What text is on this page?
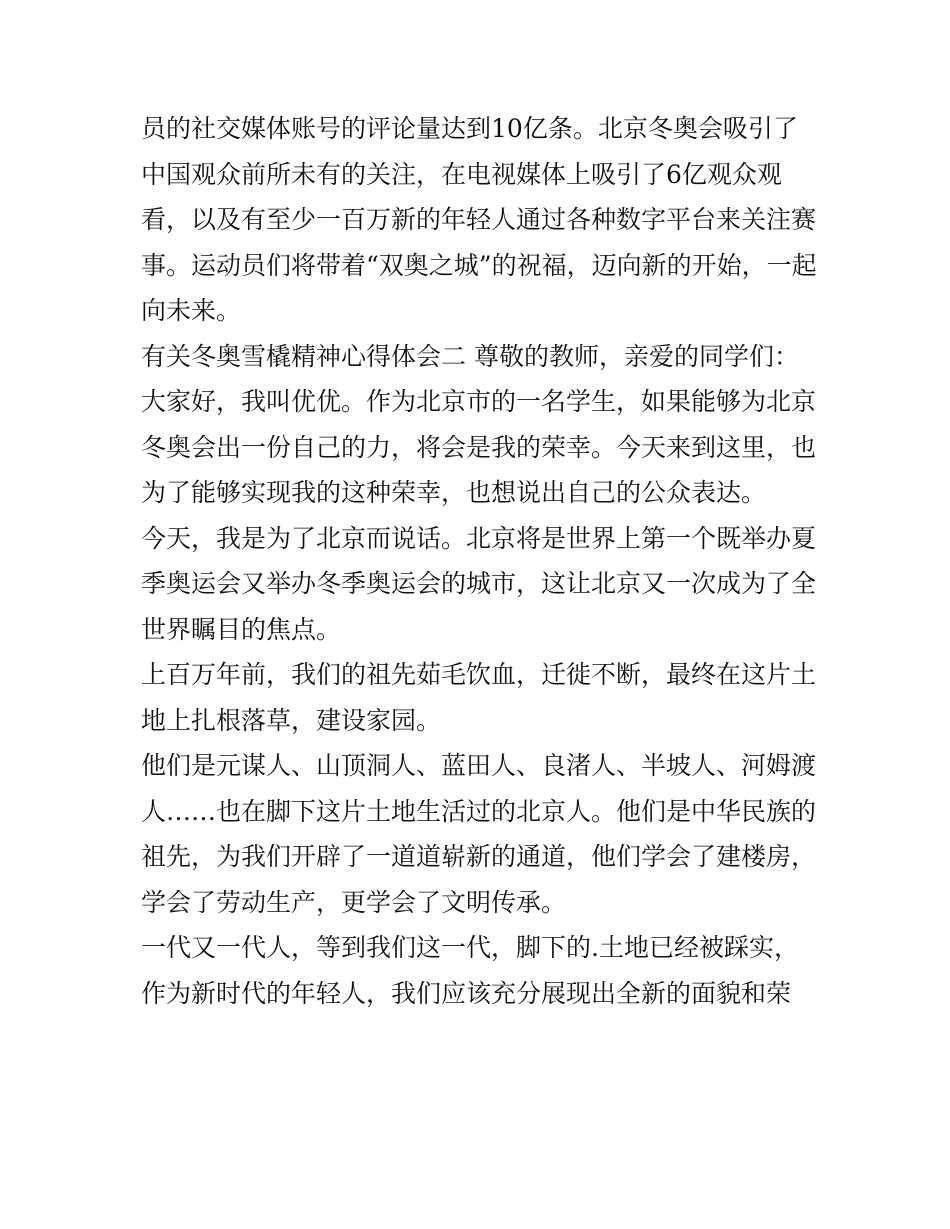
员的社交媒体账号的评论量达到10亿条。北京冬奥会吸引了
中国观众前所未有的关注，在电视媒体上吸引了6亿观众观
看，以及有至少一百万新的年轻人通过各种数字平台来关注赛
事。运动员们将带着“双奥之城”的祝福，迈向新的开始，一起
向未来。
有关冬奥雪橇精神心得体会二 尊敬的教师，亲爱的同学们：
大家好，我叫优优。作为北京市的一名学生，如果能够为北京
冬奥会出一份自己的力，将会是我的荣幸。今天来到这里，也
为了能够实现我的这种荣幸，也想说出自己的公众表达。
今天，我是为了北京而说话。北京将是世界上第一个既举办夏
季奥运会又举办冬季奥运会的城市，这让北京又一次成为了全
世界瞩目的焦点。
上百万年前，我们的祖先茹毛饮血，迁徙不断，最终在这片土
地上扎根落草，建设家园。
他们是元谋人、山顶洞人、蓝田人、良渚人、半坡人、河姆渡
人……也在脚下这片土地生活过的北京人。他们是中华民族的
祖先，为我们开辟了一道道崭新的通道，他们学会了建楼房，
学会了劳动生产，更学会了文明传承。
一代又一代人，等到我们这一代，脚下的.土地已经被踩实，
作为新时代的年轻人，我们应该充分展现出全新的面貌和荣
